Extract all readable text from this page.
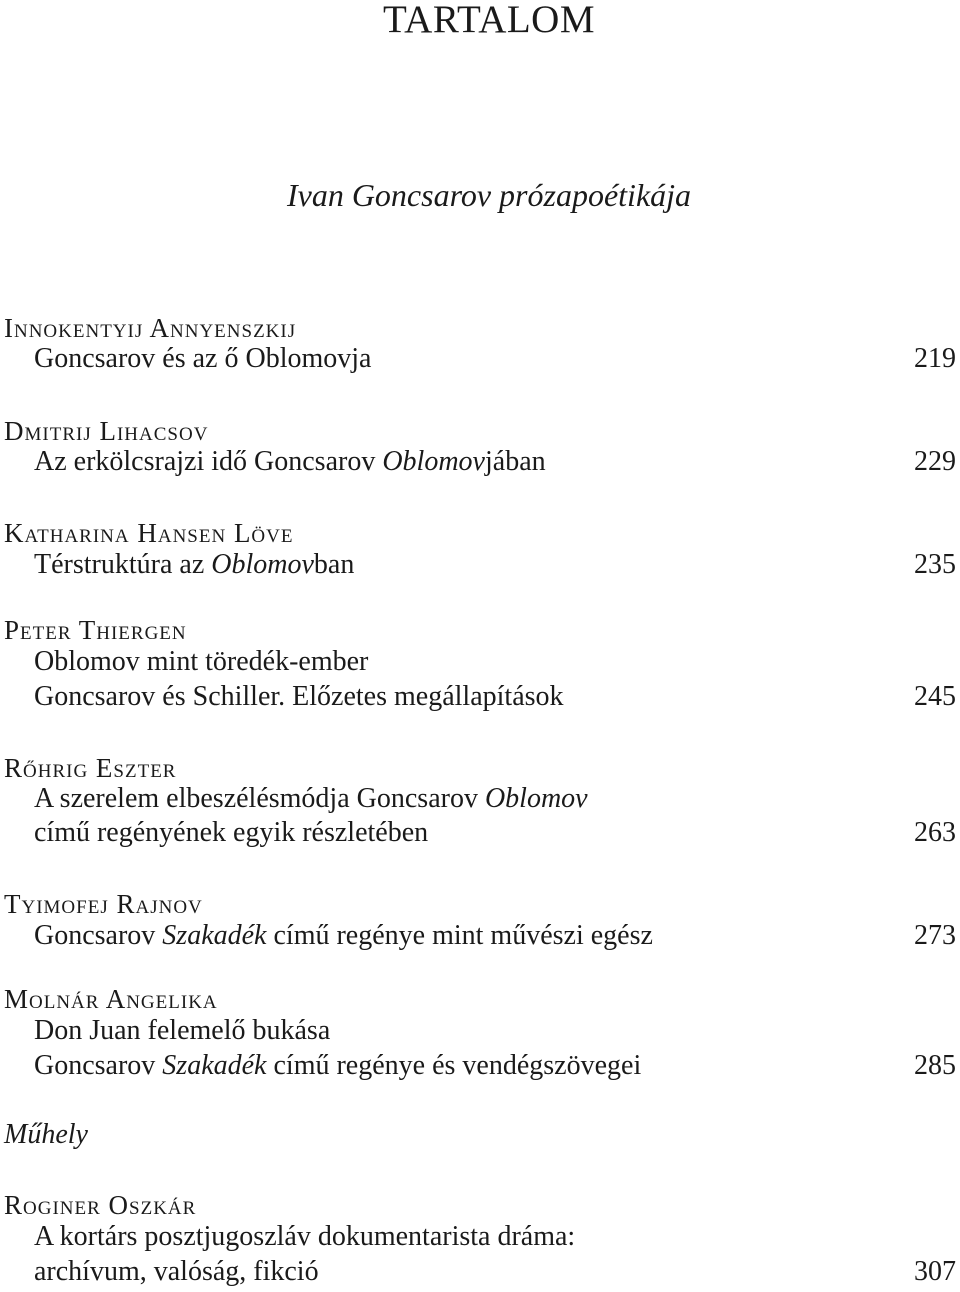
TARTALOM
Ivan Goncsarov prózapoétikája
Innokentyij Annyenszkij
Goncsarov és az ő Oblomovja	219
Dmitrij Lihacsov
Az erkölcsrajzi idő Goncsarov Oblomovjában	229
Katharina Hansen Löve
Térstruktúra az Oblomovban	235
Peter Thiergen
Oblomov mint töredék-ember
Goncsarov és Schiller. Előzetes megállapítások	245
Rőhrig Eszter
A szerelem elbeszélésmódja Goncsarov Oblomov
című regényének egyik részletében	263
Tyimofej Rajnov
Goncsarov Szakadék című regénye mint művészi egész	273
Molnár Angelika
Don Juan felemelő bukása
Goncsarov Szakadék című regénye és vendégszövegei	285
Műhely
Roginer Oszkár
A kortárs posztjugoszláv dokumentarista dráma:
archívum, valóság, fikció	307
